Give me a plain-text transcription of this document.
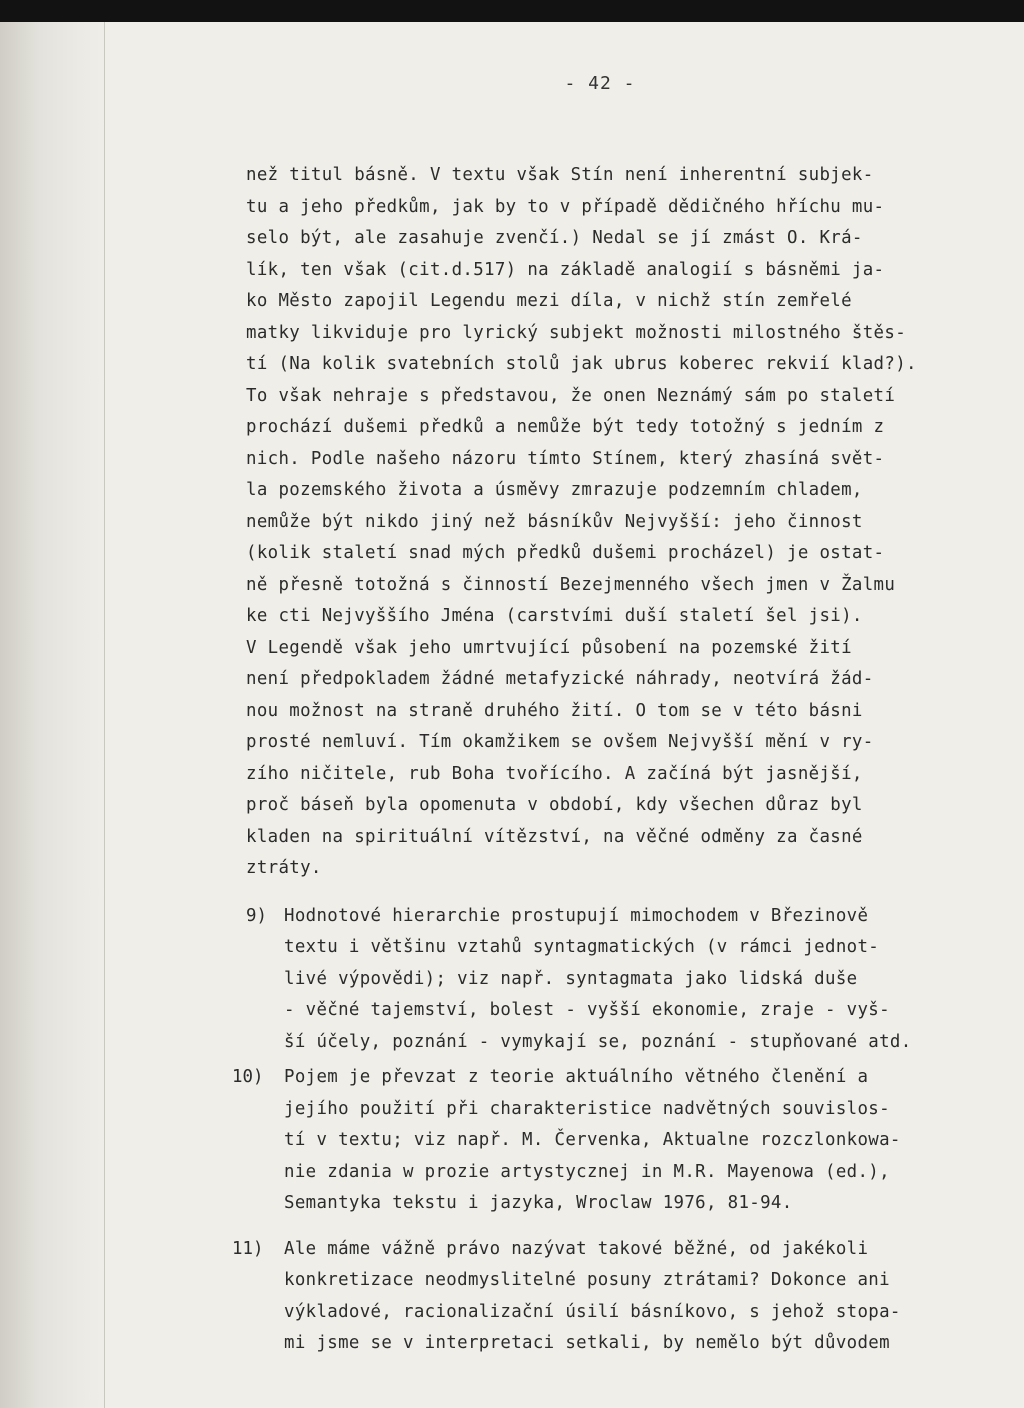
- 42 -
než titul básně. V textu však Stín není inherentní subjek-
tu a jeho předkům, jak by to v případě dědičného hříchu mu-
selo být, ale zasahuje zvenčí.) Nedal se jí zmást O. Krá-
lík, ten však (cit.d.517) na základě analogií s básněmi ja-
ko Město zapojil Legendu mezi díla, v nichž stín zemřelé
matky likviduje pro lyrický subjekt možnosti milostného štěs-
tí (Na kolik svatebních stolů jak ubrus koberec rekvií klad?).
To však nehraje s představou, že onen Neznámý sám po staletí
prochází dušemi předků a nemůže být tedy totožný s jedním z
nich. Podle našeho názoru tímto Stínem, který zhasíná svět-
la pozemského života a úsměvy zmrazuje podzemním chladem,
nemůže být nikdo jiný než básníkův Nejvyšší: jeho činnost
(kolik staletí snad mých předků dušemi procházel) je ostat-
ně přesně totožná s činností Bezejmenného všech jmen v Žalmu
ke cti Nejvyššího Jména (carstvími duší staletí šel jsi).
V Legendě však jeho umrtvující působení na pozemské žití
není předpokladem žádné metafyzické náhrady, neotvírá žád-
nou možnost na straně druhého žití. O tom se v této básni
prosté nemluví. Tím okamžikem se ovšem Nejvyšší mění v ry-
zího ničitele, rub Boha tvořícího. A začíná být jasnější,
proč báseň byla opomenuta v období, kdy všechen důraz byl
kladen na spirituální vítězství, na věčné odměny za časné
ztráty.
9) Hodnotové hierarchie prostupují mimochodem v Březinově
textu i většinu vztahů syntagmatických (v rámci jednot-
livé výpovědi); viz např. syntagmata jako lidská duše
- věčné tajemství, bolest - vyšší ekonomie, zraje - vyš-
ší účely, poznání - vymykají se, poznání - stupňované atd.
10) Pojem je převzat z teorie aktuálního větného členění a
jejího použití při charakteristice nadvětných souvislos-
tí v textu; viz např. M. Červenka, Aktualne rozczlonkowa-
nie zdania w prozie artystycznej in M.R. Mayenowa (ed.),
Semantyka tekstu i jazyka, Wroclaw 1976, 81-94.
11) Ale máme vážně právo nazývat takové běžné, od jakékoli
konkretizace neodmyslitelné posuny ztrátami? Dokonce ani
výkladové, racionalizační úsilí básníkovo, s jehož stopa-
mi jsme se v interpretaci setkali, by nemělo být důvodem
